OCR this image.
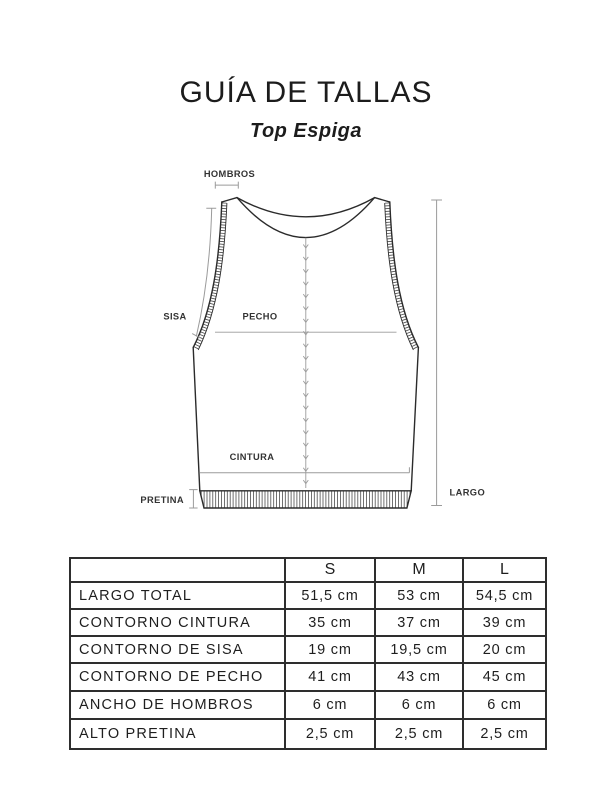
GUÍA DE TALLAS
Top Espiga
HOMBROS
SISA	PECHO
CINTURA
PRETINA
LARGO
	S	M	L
LARGO TOTAL	51,5 cm	53 cm	54,5 cm
CONTORNO CINTURA	35 cm	37 cm	39 cm
CONTORNO DE SISA	19 cm	19,5 cm	20 cm
CONTORNO DE PECHO	41 cm	43 cm	45 cm
ANCHO DE HOMBROS	6 cm	6 cm	6 cm
ALTO PRETINA	2,5 cm	2,5 cm	2,5 cm
